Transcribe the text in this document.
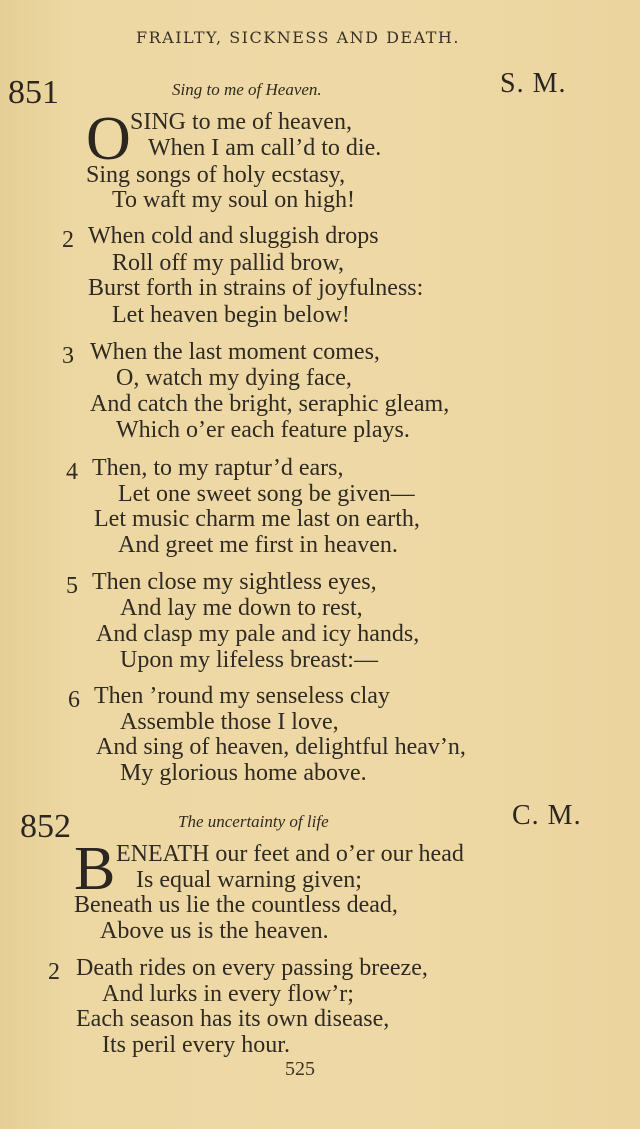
FRAILTY, SICKNESS AND DEATH.
851	Sing to me of Heaven.	S. M.
O SING to me of heaven,
When I am call’d to die.
Sing songs of holy ecstasy,
To waft my soul on high!
2 When cold and sluggish drops
Roll off my pallid brow,
Burst forth in strains of joyfulness:
Let heaven begin below!
3 When the last moment comes,
O, watch my dying face,
And catch the bright, seraphic gleam,
Which o’er each feature plays.
4 Then, to my raptur’d ears,
Let one sweet song be given—
Let music charm me last on earth,
And greet me first in heaven.
5 Then close my sightless eyes,
And lay me down to rest,
And clasp my pale and icy hands,
Upon my lifeless breast:—
6 Then ’round my senseless clay
Assemble those I love,
And sing of heaven, delightful heav’n,
My glorious home above.
852	The uncertainty of life	C. M.
B ENEATH our feet and o’er our head
Is equal warning given;
Beneath us lie the countless dead,
Above us is the heaven.
2 Death rides on every passing breeze,
And lurks in every flow’r;
Each season has its own disease,
Its peril every hour.
525
